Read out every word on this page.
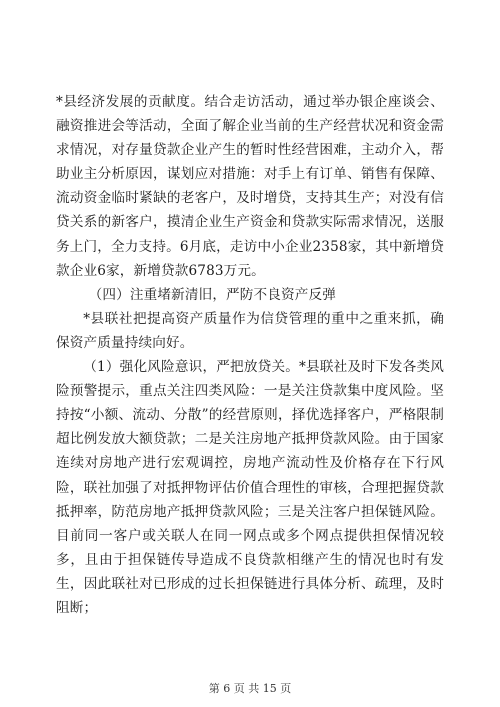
*县经济发展的贡献度。结合走访活动，通过举办银企座谈会、融资推进会等活动，全面了解企业当前的生产经营状况和资金需求情况，对存量贷款企业产生的暂时性经营困难，主动介入，帮助业主分析原因，谋划应对措施：对手上有订单、销售有保障、流动资金临时紧缺的老客户，及时增贷，支持其生产；对没有信贷关系的新客户，摸清企业生产资金和贷款实际需求情况，送服务上门，全力支持。6月底，走访中小企业2358家，其中新增贷款企业6家，新增贷款6783万元。

（四）注重堵新清旧，严防不良资产反弹

*县联社把提高资产质量作为信贷管理的重中之重来抓，确保资产质量持续向好。

（1）强化风险意识，严把放贷关。*县联社及时下发各类风险预警提示，重点关注四类风险：一是关注贷款集中度风险。坚持按“小额、流动、分散”的经营原则，择优选择客户，严格限制超比例发放大额贷款；二是关注房地产抵押贷款风险。由于国家连续对房地产进行宏观调控，房地产流动性及价格存在下行风险，联社加强了对抵押物评估价值合理性的审核，合理把握贷款抵押率，防范房地产抵押贷款风险；三是关注客户担保链风险。目前同一客户或关联人在同一网点或多个网点提供担保情况较多，且由于担保链传导造成不良贷款相继产生的情况也时有发生，因此联社对已形成的过长担保链进行具体分析、疏理，及时阻断；

第 6 页 共 15 页
